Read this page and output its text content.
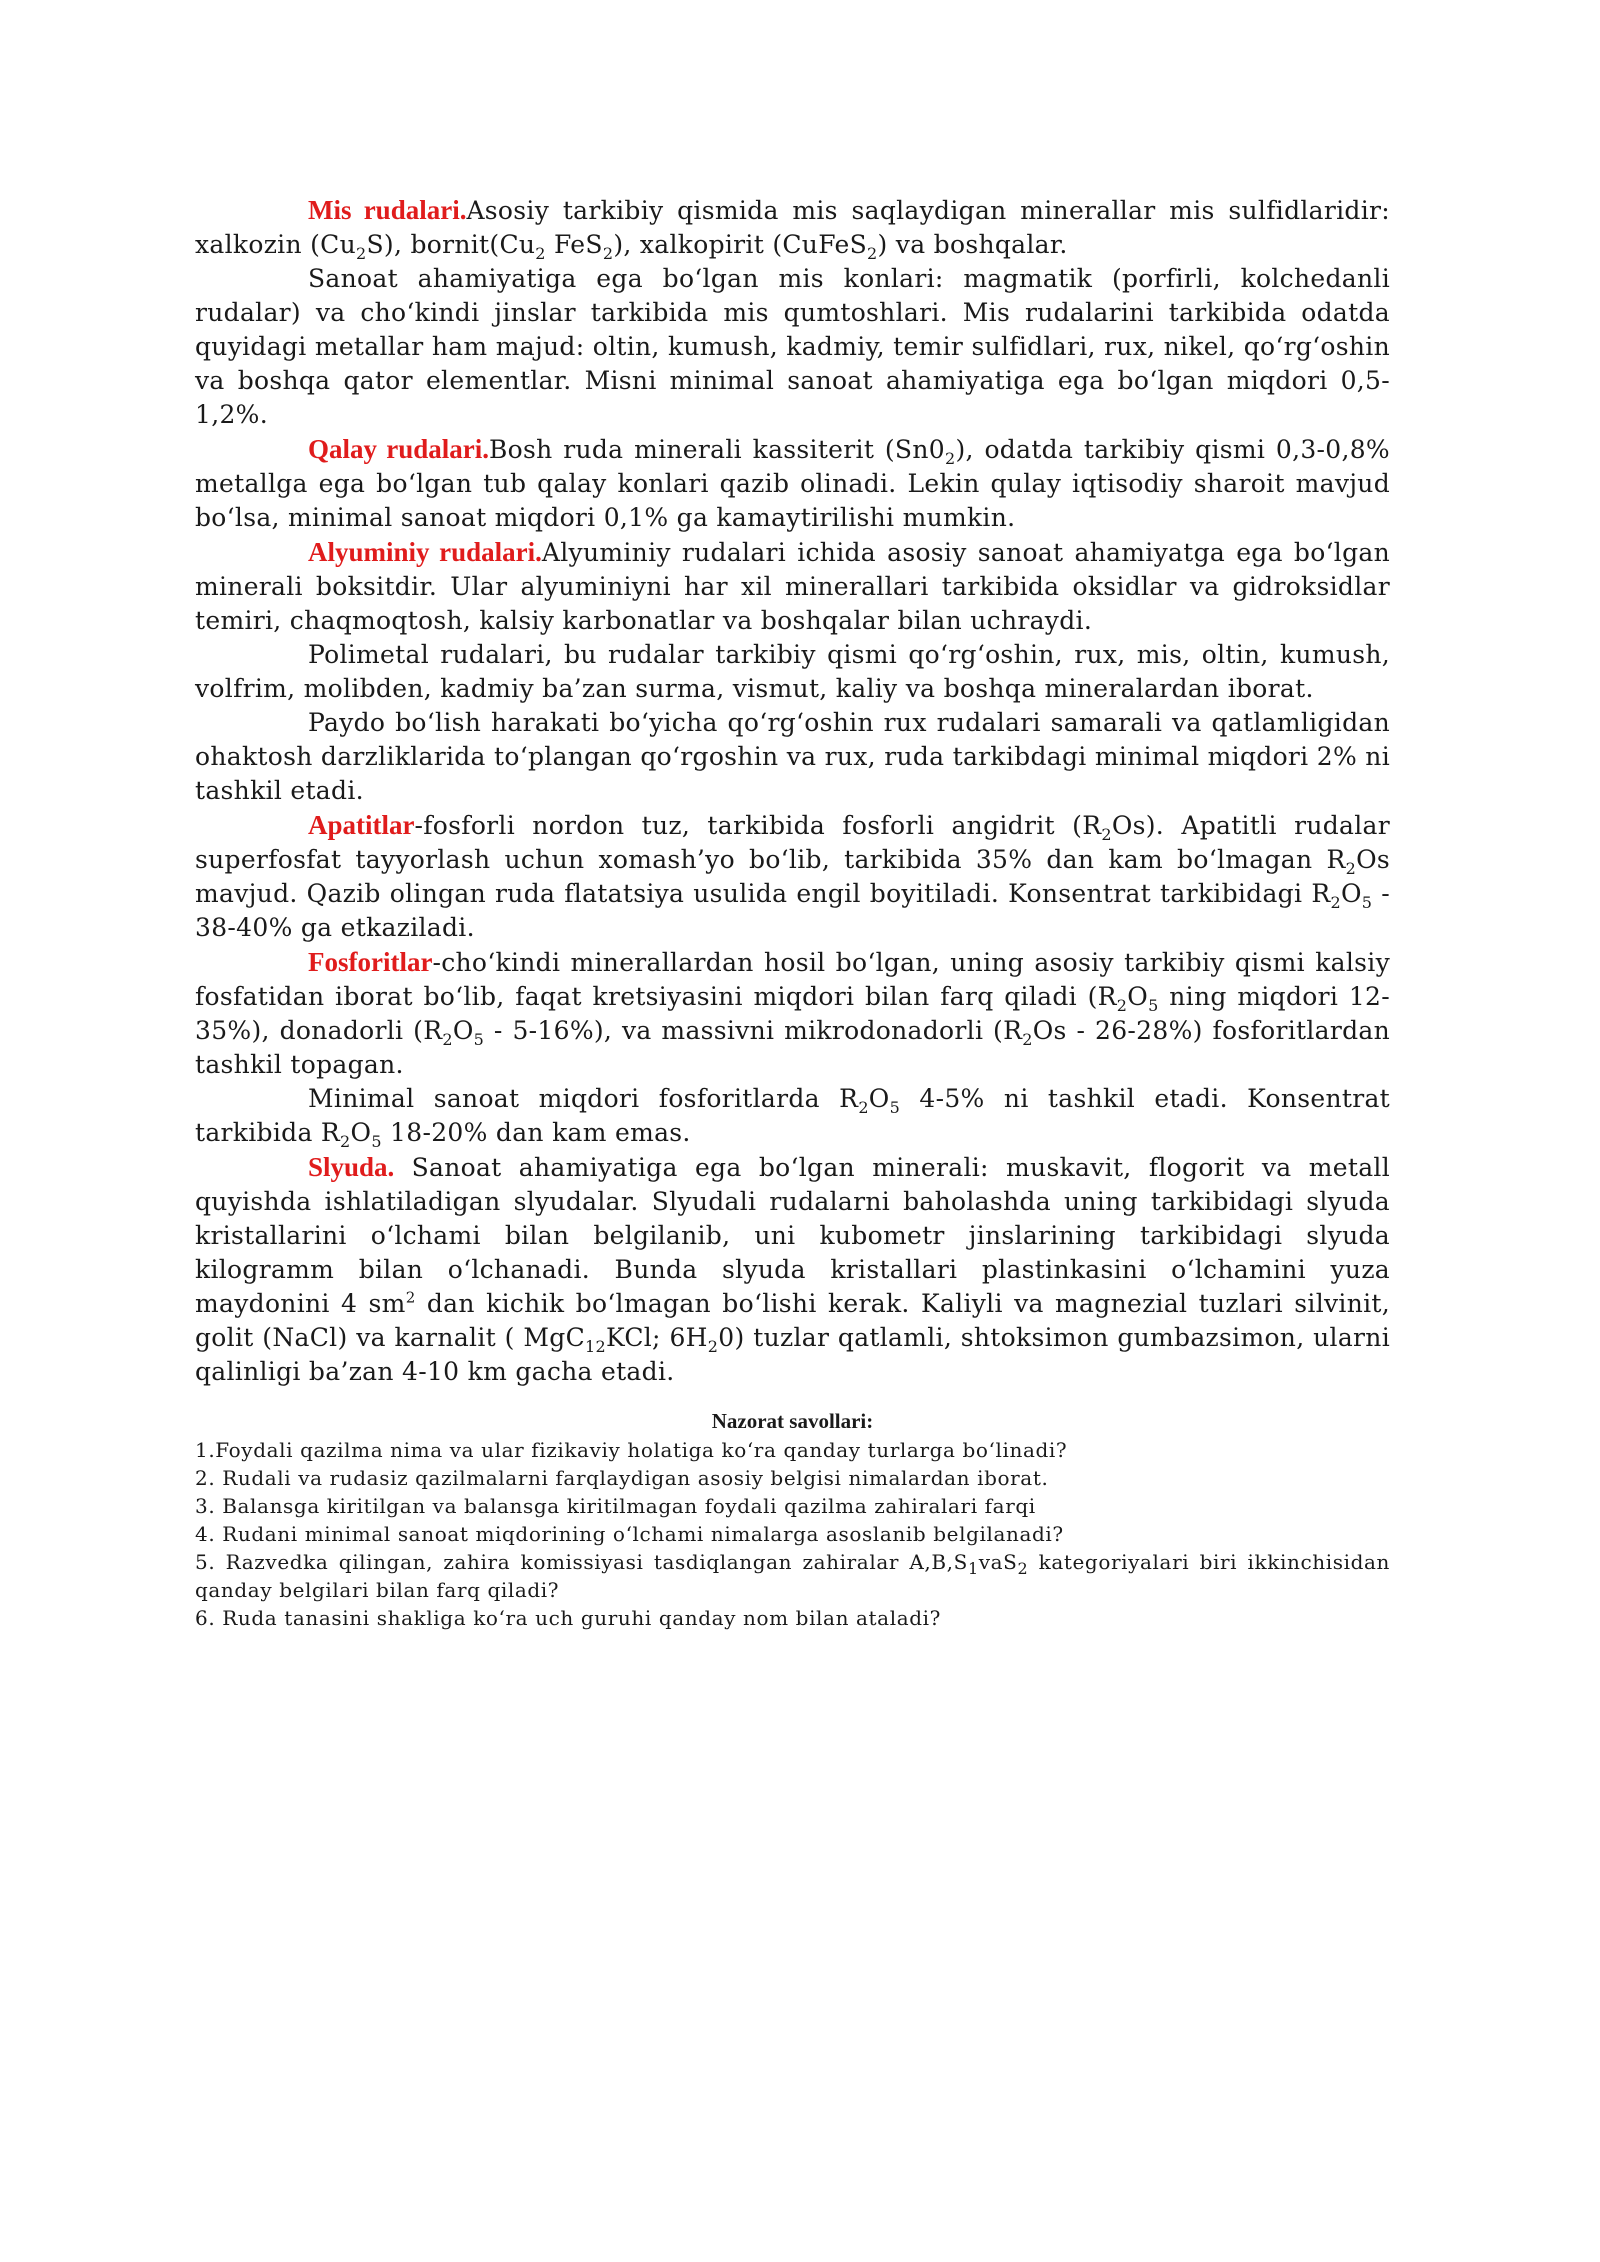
Mis rudalari.Asosiy tarkibiy qismida mis saqlaydigan minerallar mis sulfidlaridir: xalkozin $(Cu_2S)$, $bornit(Cu_2$ FeS$_2$), xalkopirit (CuFeS$_2$) va boshqalar.

Sanoat ahamiyatiga ega bo‘lgan mis konlari: magmatik (porfirli, kolchedanli rudalar) va cho‘kindi jinslar tarkibida mis qumtoshlari. Mis rudalarini tarkibida odatda quyidagi metallar ham majud: oltin, kumush, kadmiy, temir sulfidlari, rux, nikel, qo‘rg‘oshin va boshqa qator elementlar. Misni minimal sanoat ahamiyatiga ega bo‘lgan miqdori 0,5-1,2%.

Qalay rudalari.Bosh ruda minerali kassiterit $(Sn0_2)$, odatda tarkibiy qismi 0,3-0,8% metallga ega bo‘lgan tub qalay konlari qazib olinadi. Lekin qulay iqtisodiy sharoit mavjud bo‘lsa, minimal sanoat miqdori 0,1% ga kamaytirilishi mumkin.

Alyuminiy rudalari.Alyuminiy rudalari ichida asosiy sanoat ahamiyatga ega bo‘lgan minerali boksitdir. Ular alyuminiyni har xil minerallari tarkibida oksidlar va gidroksidlar temiri, chaqmoqtosh, kalsiy karbonatlar va boshqalar bilan uchraydi.

Polimetal rudalari, bu rudalar tarkibiy qismi qo‘rg‘oshin, rux, mis, oltin, kumush, volfrim, molibden, kadmiy ba’zan surma, vismut, kaliy va boshqa mineralardan iborat.

Paydo bo‘lish harakati bo‘yicha qo‘rg‘oshin rux rudalari samarali va qatlamligidan ohaktosh darzliklarida to‘plangan qo‘rgoshin va rux, ruda tarkibdagi minimal miqdori 2% ni tashkil etadi.

Apatitlar-fosforli nordon tuz, tarkibida fosforli angidrit $(R_2Os)$. Apatitli rudalar superfosfat tayyorlash uchun xomash’yo bo‘lib, tarkibida 35% dan kam bo‘lmagan $R_2Os$ mavjud. Qazib olingan ruda flatatsiya usulida engil boyitiladi. Konsentrat tarkibidagi $R_2O_5 - 38-40\%$ ga etkaziladi.

Fosforitlar-cho‘kindi minerallardan hosil bo‘lgan, uning asosiy tarkibiy qismi kalsiy fosfatidan iborat bo‘lib, faqat kretsiyasini miqdori bilan farq qiladi ($R_2O_5$ ning miqdori 12-35%), donadorli $(R_2O_5 - 5-16\%)$, va massivni mikrodonadorli $(R_2Os - 26-28\%)$ fosforitlardan tashkil topagan.

Minimal sanoat miqdori fosforitlarda $R_2O_5$ 4-5% ni tashkil etadi. Konsentrat tarkibida $R_2O_5$ 18-20% dan kam emas.

Slyuda. Sanoat ahamiyatiga ega bo‘lgan minerali: muskavit, flogorit va metall quyishda ishlatiladigan slyudalar. Slyudali rudalarni baholashda uning tarkibidagi slyuda kristallarini o‘lchami bilan belgilanib, uni kubometr jinslarining tarkibidagi slyuda kilogramm bilan o‘lchanadi. Bunda slyuda kristallari plastinkasini o‘lchamini yuza maydonini 4 $sm^2$ dan kichik bo‘lmagan bo‘lishi kerak. Kaliyli va magnezial tuzlari silvinit, golit (NaCl) va karnalit ( MgC$_{12}$KCl; $6H_20$) tuzlar qatlamli, shtoksimon gumbazsimon, ularni qalinligi ba’zan 4-10 km gacha etadi.

Nazorat savollari:

1.Foydali qazilma nima va ular fizikaviy holatiga ko‘ra qanday turlarga bo‘linadi?

2. Rudali va rudasiz qazilmalarni farqlaydigan asosiy belgisi nimalardan iborat.

3. Balansga kiritilgan va balansga kiritilmagan foydali qazilma zahiralari farqi

4. Rudani minimal sanoat miqdorining o‘lchami nimalarga asoslanib belgilanadi?

5. Razvedka qilingan, zahira komissiyasi tasdiqlangan zahiralar $A,B,S_1vaS_2$ kategoriyalari biri ikkinchisidan qanday belgilari bilan farq qiladi?

6. Ruda tanasini shakliga ko‘ra uch guruhi qanday nom bilan ataladi?
